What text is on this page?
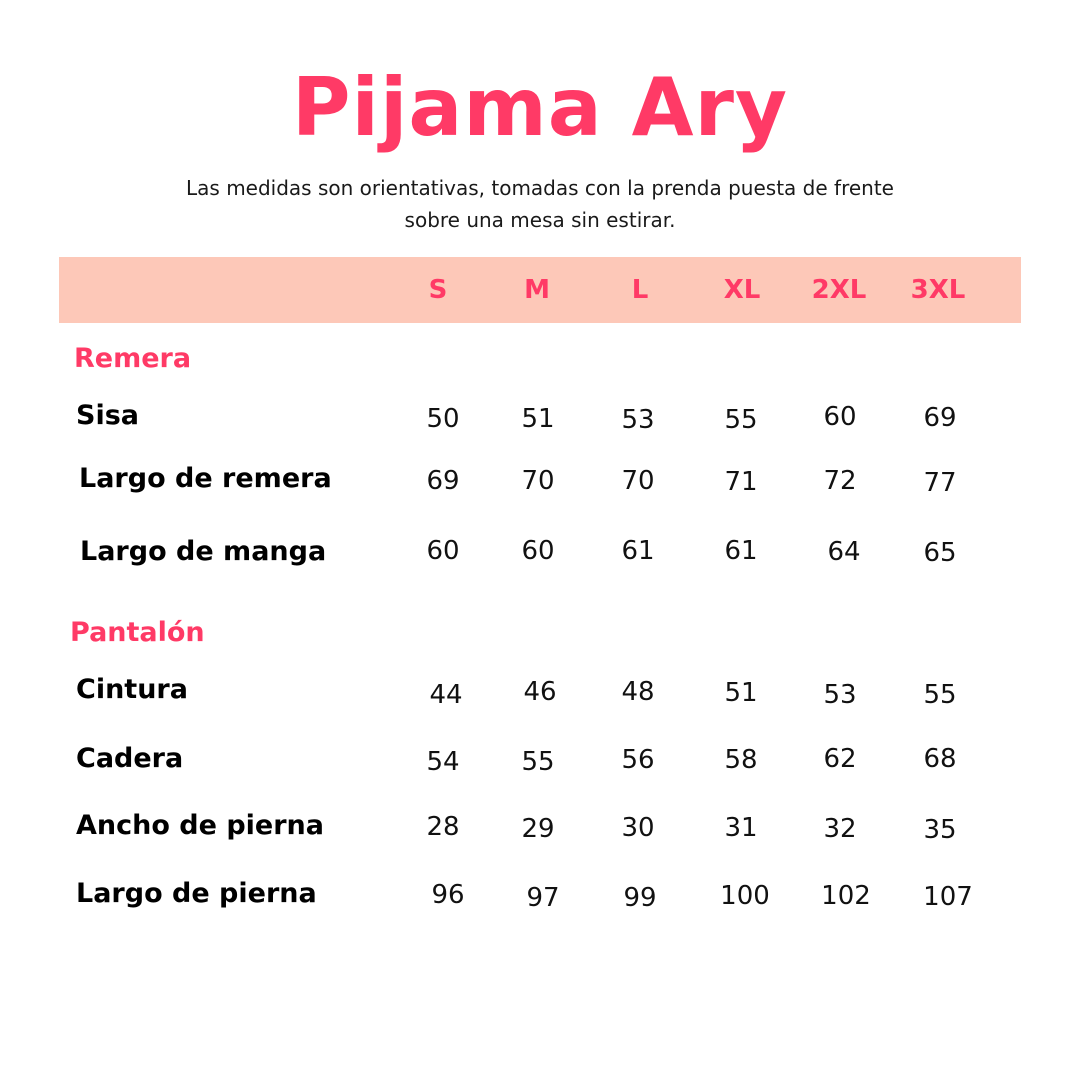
Pijama Ary
Las medidas son orientativas, tomadas con la prenda puesta de frente
sobre una mesa sin estirar.
S	M	L	XL	2XL	3XL
Remera
Sisa	50	51	53	55	60	69
Largo de remera	69	70	70	71	72	77
Largo de manga	60	60	61	61	64	65
Pantalón
Cintura	44	46	48	51	53	55
Cadera	54	55	56	58	62	68
Ancho de pierna	28	29	30	31	32	35
Largo de pierna	96	97	99	100	102	107
